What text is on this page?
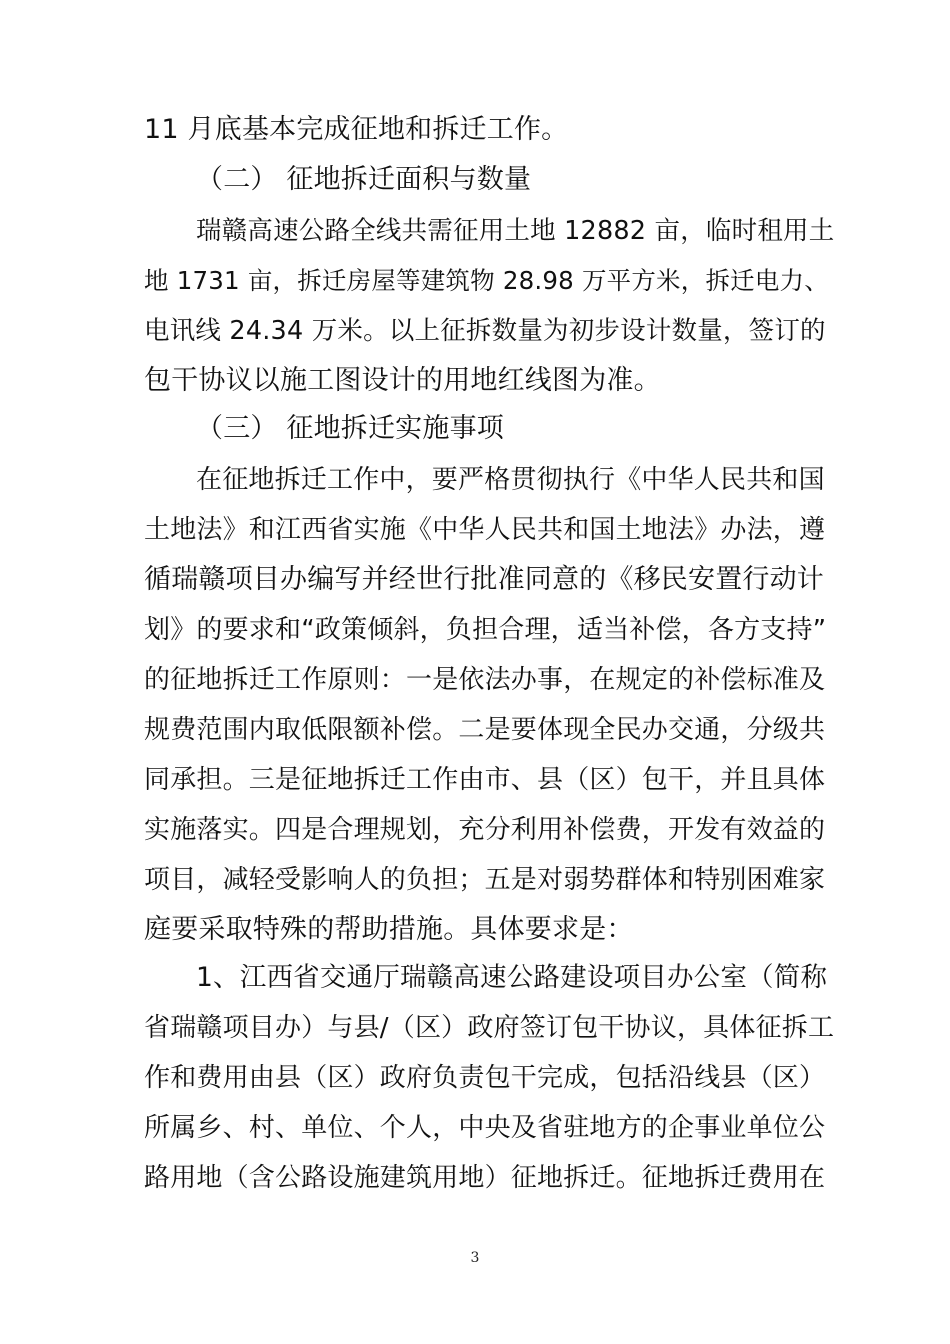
11 月底基本完成征地和拆迁工作。
（二） 征地拆迁面积与数量
瑞赣高速公路全线共需征用土地 12882 亩，临时租用土
地 1731 亩，拆迁房屋等建筑物 28.98 万平方米，拆迁电力、
电讯线 24.34 万米。以上征拆数量为初步设计数量，签订的
包干协议以施工图设计的用地红线图为准。
（三） 征地拆迁实施事项
在征地拆迁工作中，要严格贯彻执行《中华人民共和国
土地法》和江西省实施《中华人民共和国土地法》办法，遵
循瑞赣项目办编写并经世行批准同意的《移民安置行动计
划》的要求和“政策倾斜，负担合理，适当补偿，各方支持”
的征地拆迁工作原则：一是依法办事，在规定的补偿标准及
规费范围内取低限额补偿。二是要体现全民办交通，分级共
同承担。三是征地拆迁工作由市、县（区）包干，并且具体
实施落实。四是合理规划，充分利用补偿费，开发有效益的
项目，减轻受影响人的负担；五是对弱势群体和特别困难家
庭要采取特殊的帮助措施。具体要求是：
1、江西省交通厅瑞赣高速公路建设项目办公室（简称
省瑞赣项目办）与县/（区）政府签订包干协议，具体征拆工
作和费用由县（区）政府负责包干完成，包括沿线县（区）
所属乡、村、单位、个人，中央及省驻地方的企事业单位公
路用地（含公路设施建筑用地）征地拆迁。征地拆迁费用在
3
